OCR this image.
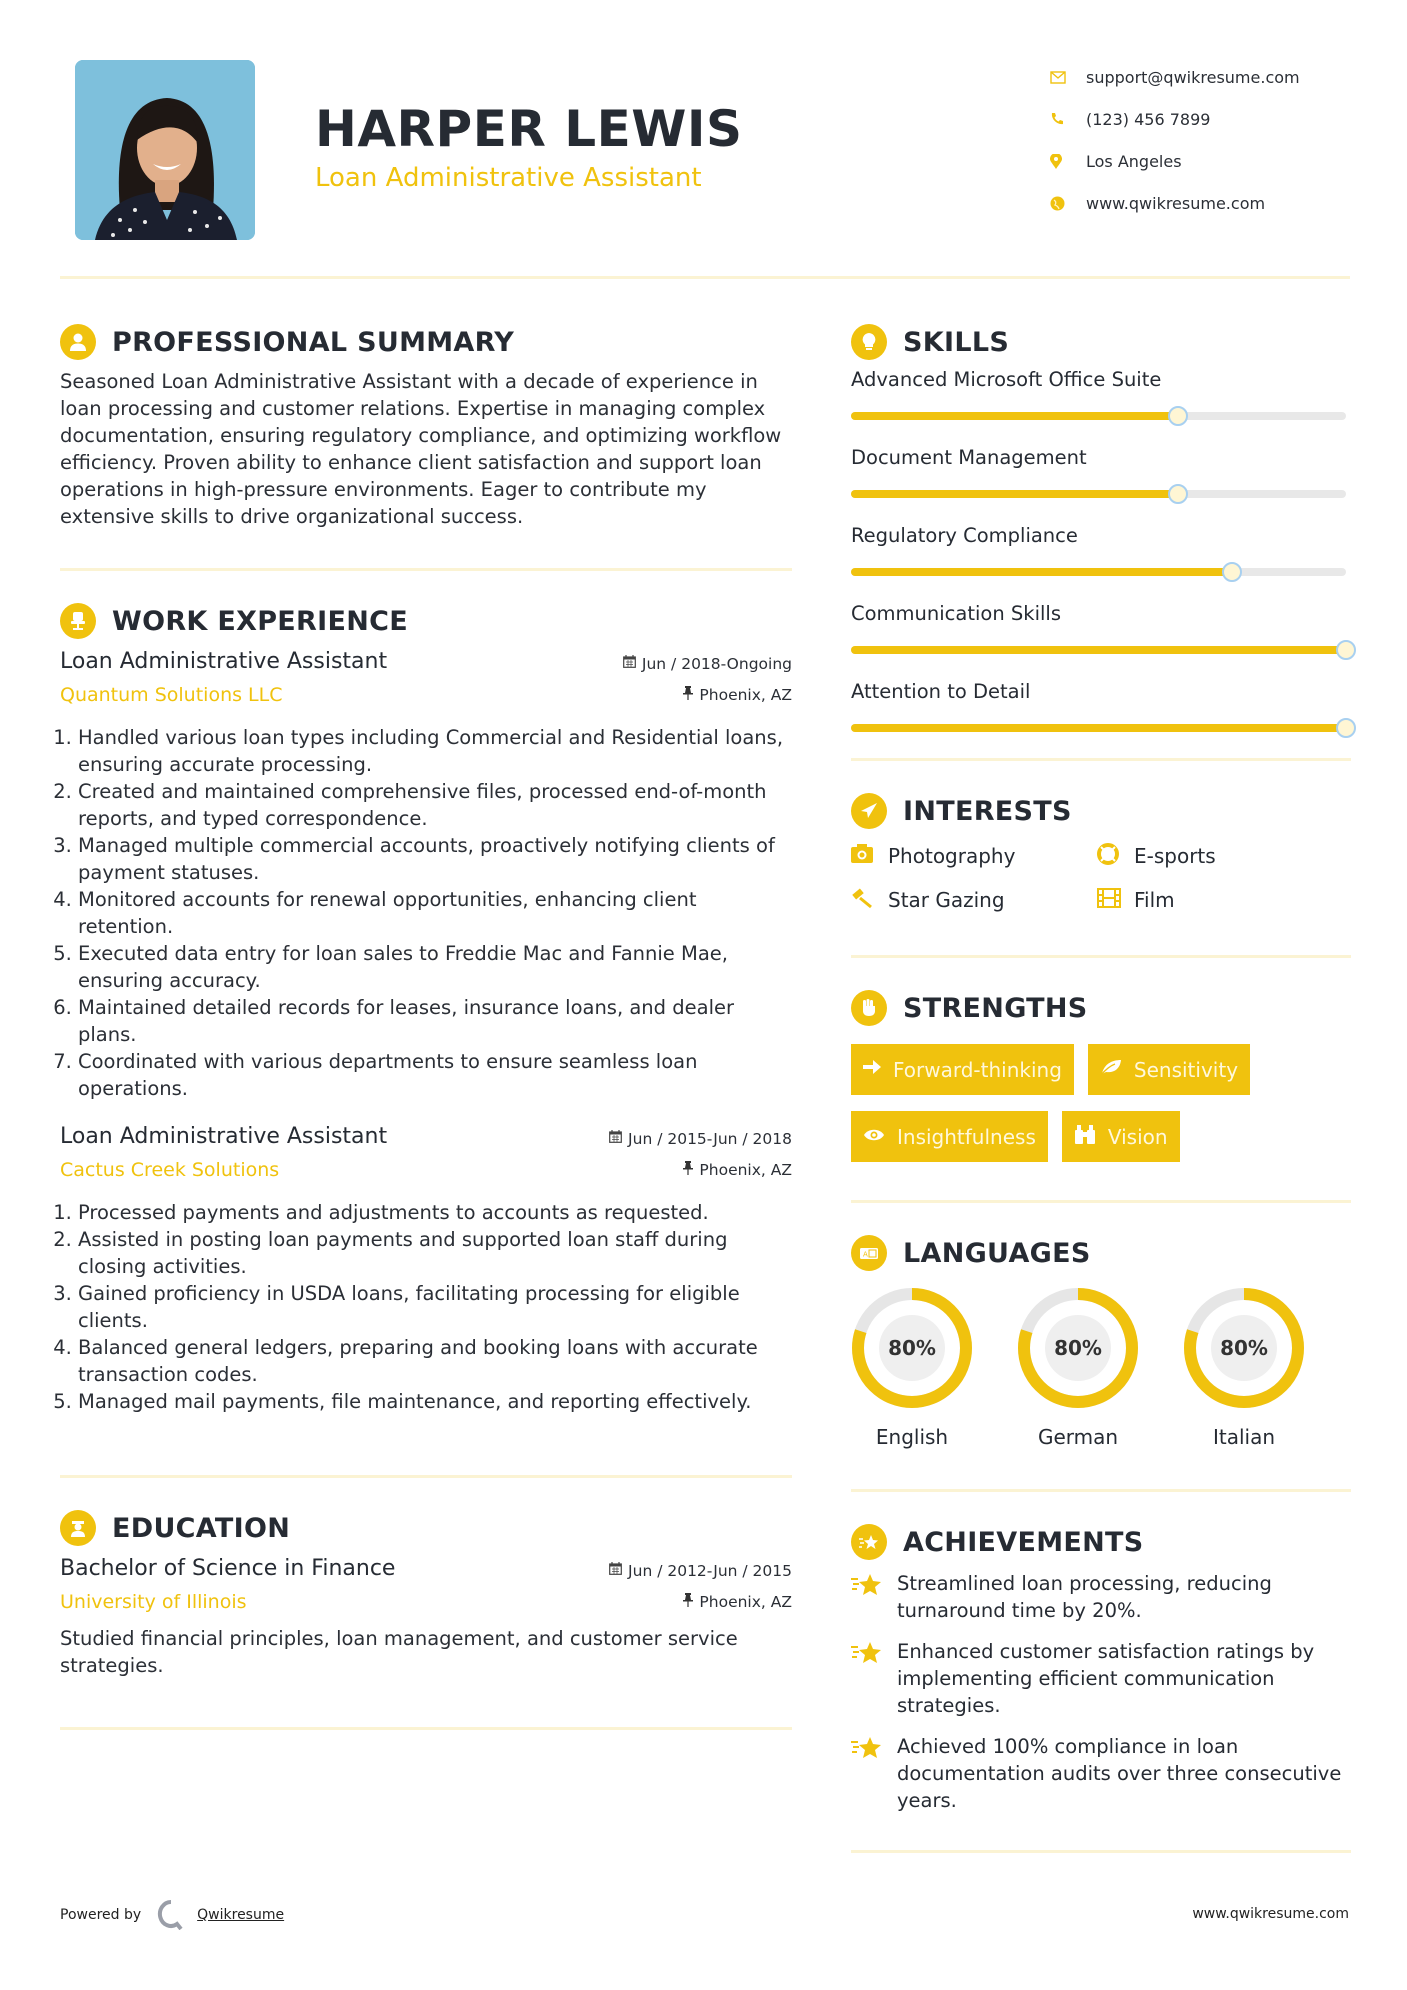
HARPER LEWIS
Loan Administrative Assistant
support@qwikresume.com
(123) 456 7899
Los Angeles
www.qwikresume.com
PROFESSIONAL SUMMARY

Seasoned Loan Administrative Assistant with a decade of experience in loan processing and customer relations. Expertise in managing complex documentation, ensuring regulatory compliance, and optimizing workflow efficiency. Proven ability to enhance client satisfaction and support loan operations in high-pressure environments. Eager to contribute my extensive skills to drive organizational success.

WORK EXPERIENCE
Loan Administrative Assistant	Jun / 2018-Ongoing
Quantum Solutions LLC	Phoenix, AZ
1. Handled various loan types including Commercial and Residential loans, ensuring accurate processing.
2. Created and maintained comprehensive files, processed end-of-month reports, and typed correspondence.
3. Managed multiple commercial accounts, proactively notifying clients of payment statuses.
4. Monitored accounts for renewal opportunities, enhancing client retention.
5. Executed data entry for loan sales to Freddie Mac and Fannie Mae, ensuring accuracy.
6. Maintained detailed records for leases, insurance loans, and dealer plans.
7. Coordinated with various departments to ensure seamless loan operations.
Loan Administrative Assistant	Jun / 2015-Jun / 2018
Cactus Creek Solutions	Phoenix, AZ
1. Processed payments and adjustments to accounts as requested.
2. Assisted in posting loan payments and supported loan staff during closing activities.
3. Gained proficiency in USDA loans, facilitating processing for eligible clients.
4. Balanced general ledgers, preparing and booking loans with accurate transaction codes.
5. Managed mail payments, file maintenance, and reporting effectively.
EDUCATION
Bachelor of Science in Finance	Jun / 2012-Jun / 2015
University of Illinois	Phoenix, AZ

Studied financial principles, loan management, and customer service strategies.

SKILLS
Advanced Microsoft Office Suite
Document Management
Regulatory Compliance
Communication Skills
Attention to Detail
INTERESTS
Photography	E-sports
Star Gazing	Film
STRENGTHS
Forward-thinking	Sensitivity
Insightfulness	Vision
A LANGUAGES
80%
English
80%
German
80%
Italian
ACHIEVEMENTS
Streamlined loan processing, reducing turnaround time by 20%.
Enhanced customer satisfaction ratings by implementing efficient communication strategies.
Achieved 100% compliance in loan documentation audits over three consecutive years.
Powered by	Qwikresume	www.qwikresume.com
